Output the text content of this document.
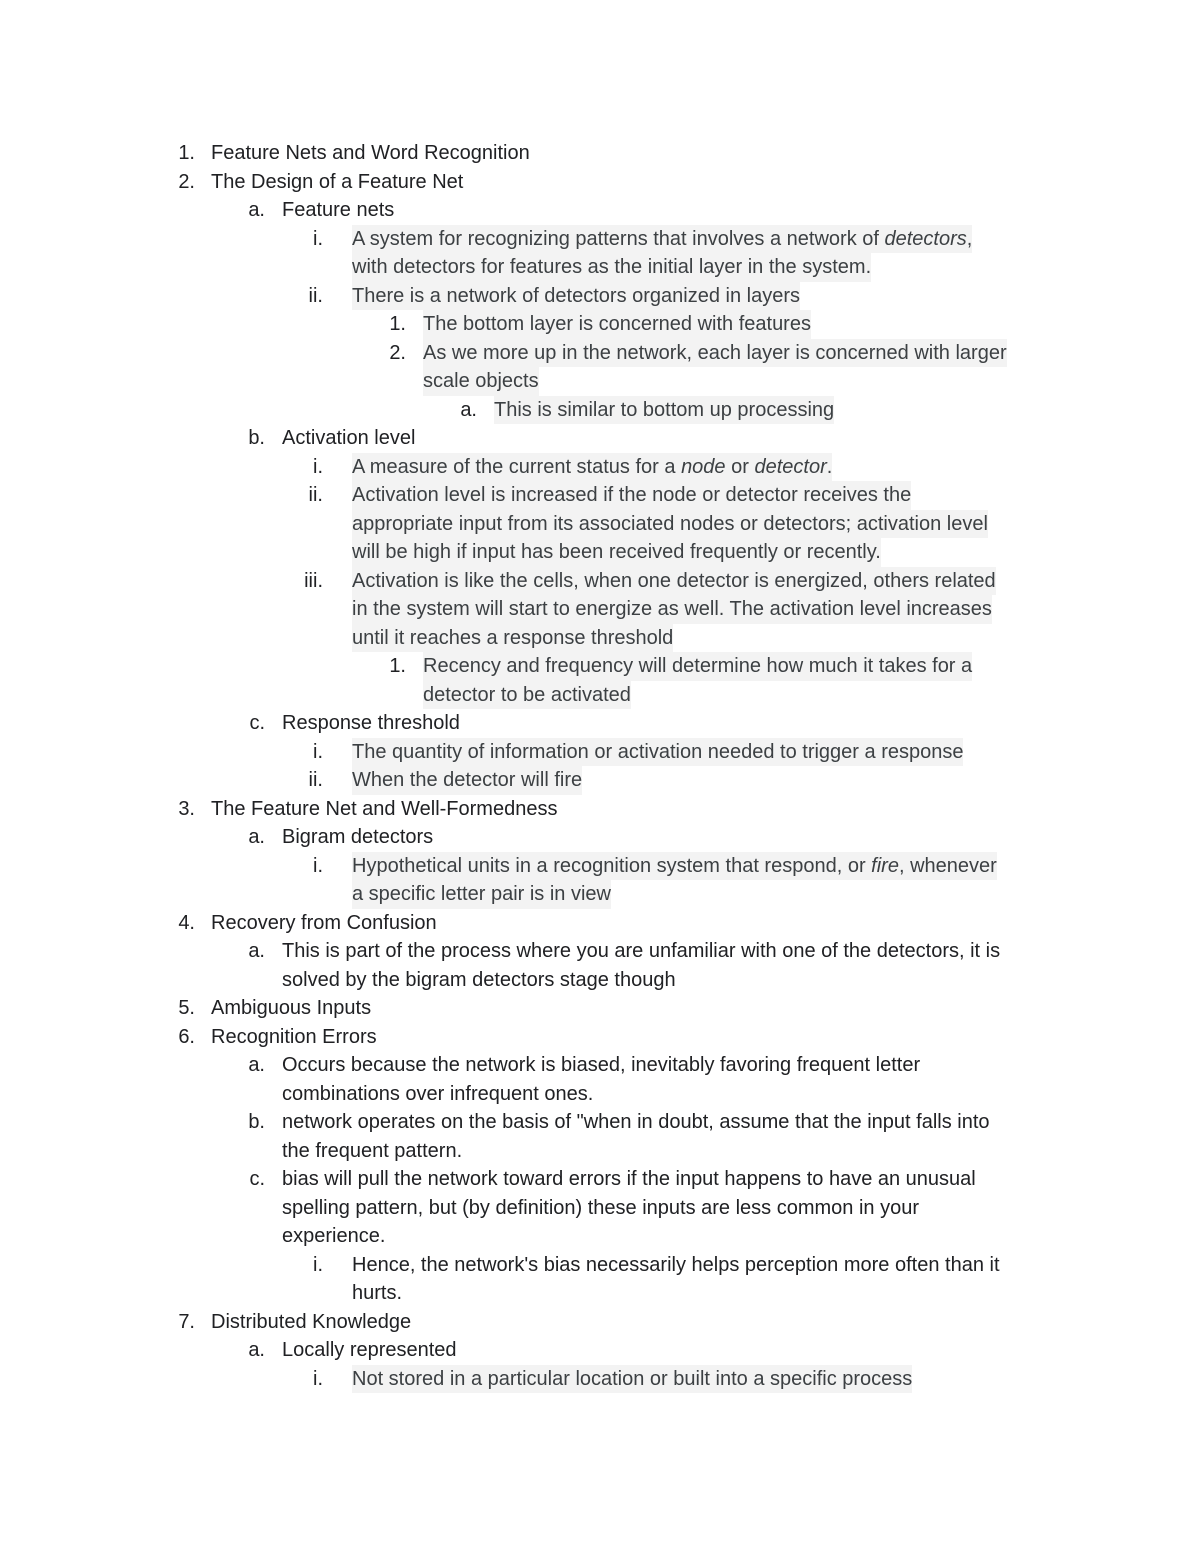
1. Feature Nets and Word Recognition
2. The Design of a Feature Net
a. Feature nets
i. A system for recognizing patterns that involves a network of detectors,
with detectors for features as the initial layer in the system.
ii. There is a network of detectors organized in layers
1. The bottom layer is concerned with features
2. As we more up in the network, each layer is concerned with larger
scale objects
a. This is similar to bottom up processing
b. Activation level
i. A measure of the current status for a node or detector.
ii. Activation level is increased if the node or detector receives the
appropriate input from its associated nodes or detectors; activation level
will be high if input has been received frequently or recently.
iii. Activation is like the cells, when one detector is energized, others related
in the system will start to energize as well. The activation level increases
until it reaches a response threshold
1. Recency and frequency will determine how much it takes for a
detector to be activated
c. Response threshold
i. The quantity of information or activation needed to trigger a response
ii. When the detector will fire
3. The Feature Net and Well-Formedness
a. Bigram detectors
i. Hypothetical units in a recognition system that respond, or fire, whenever
a specific letter pair is in view
4. Recovery from Confusion
a. This is part of the process where you are unfamiliar with one of the detectors, it is
solved by the bigram detectors stage though
5. Ambiguous Inputs
6. Recognition Errors
a. Occurs because the network is biased, inevitably favoring frequent letter
combinations over infrequent ones.
b. network operates on the basis of "when in doubt, assume that the input falls into
the frequent pattern.
c. bias will pull the network toward errors if the input happens to have an unusual
spelling pattern, but (by definition) these inputs are less common in your
experience.
i. Hence, the network's bias necessarily helps perception more often than it
hurts.
7. Distributed Knowledge
a. Locally represented
i. Not stored in a particular location or built into a specific process
